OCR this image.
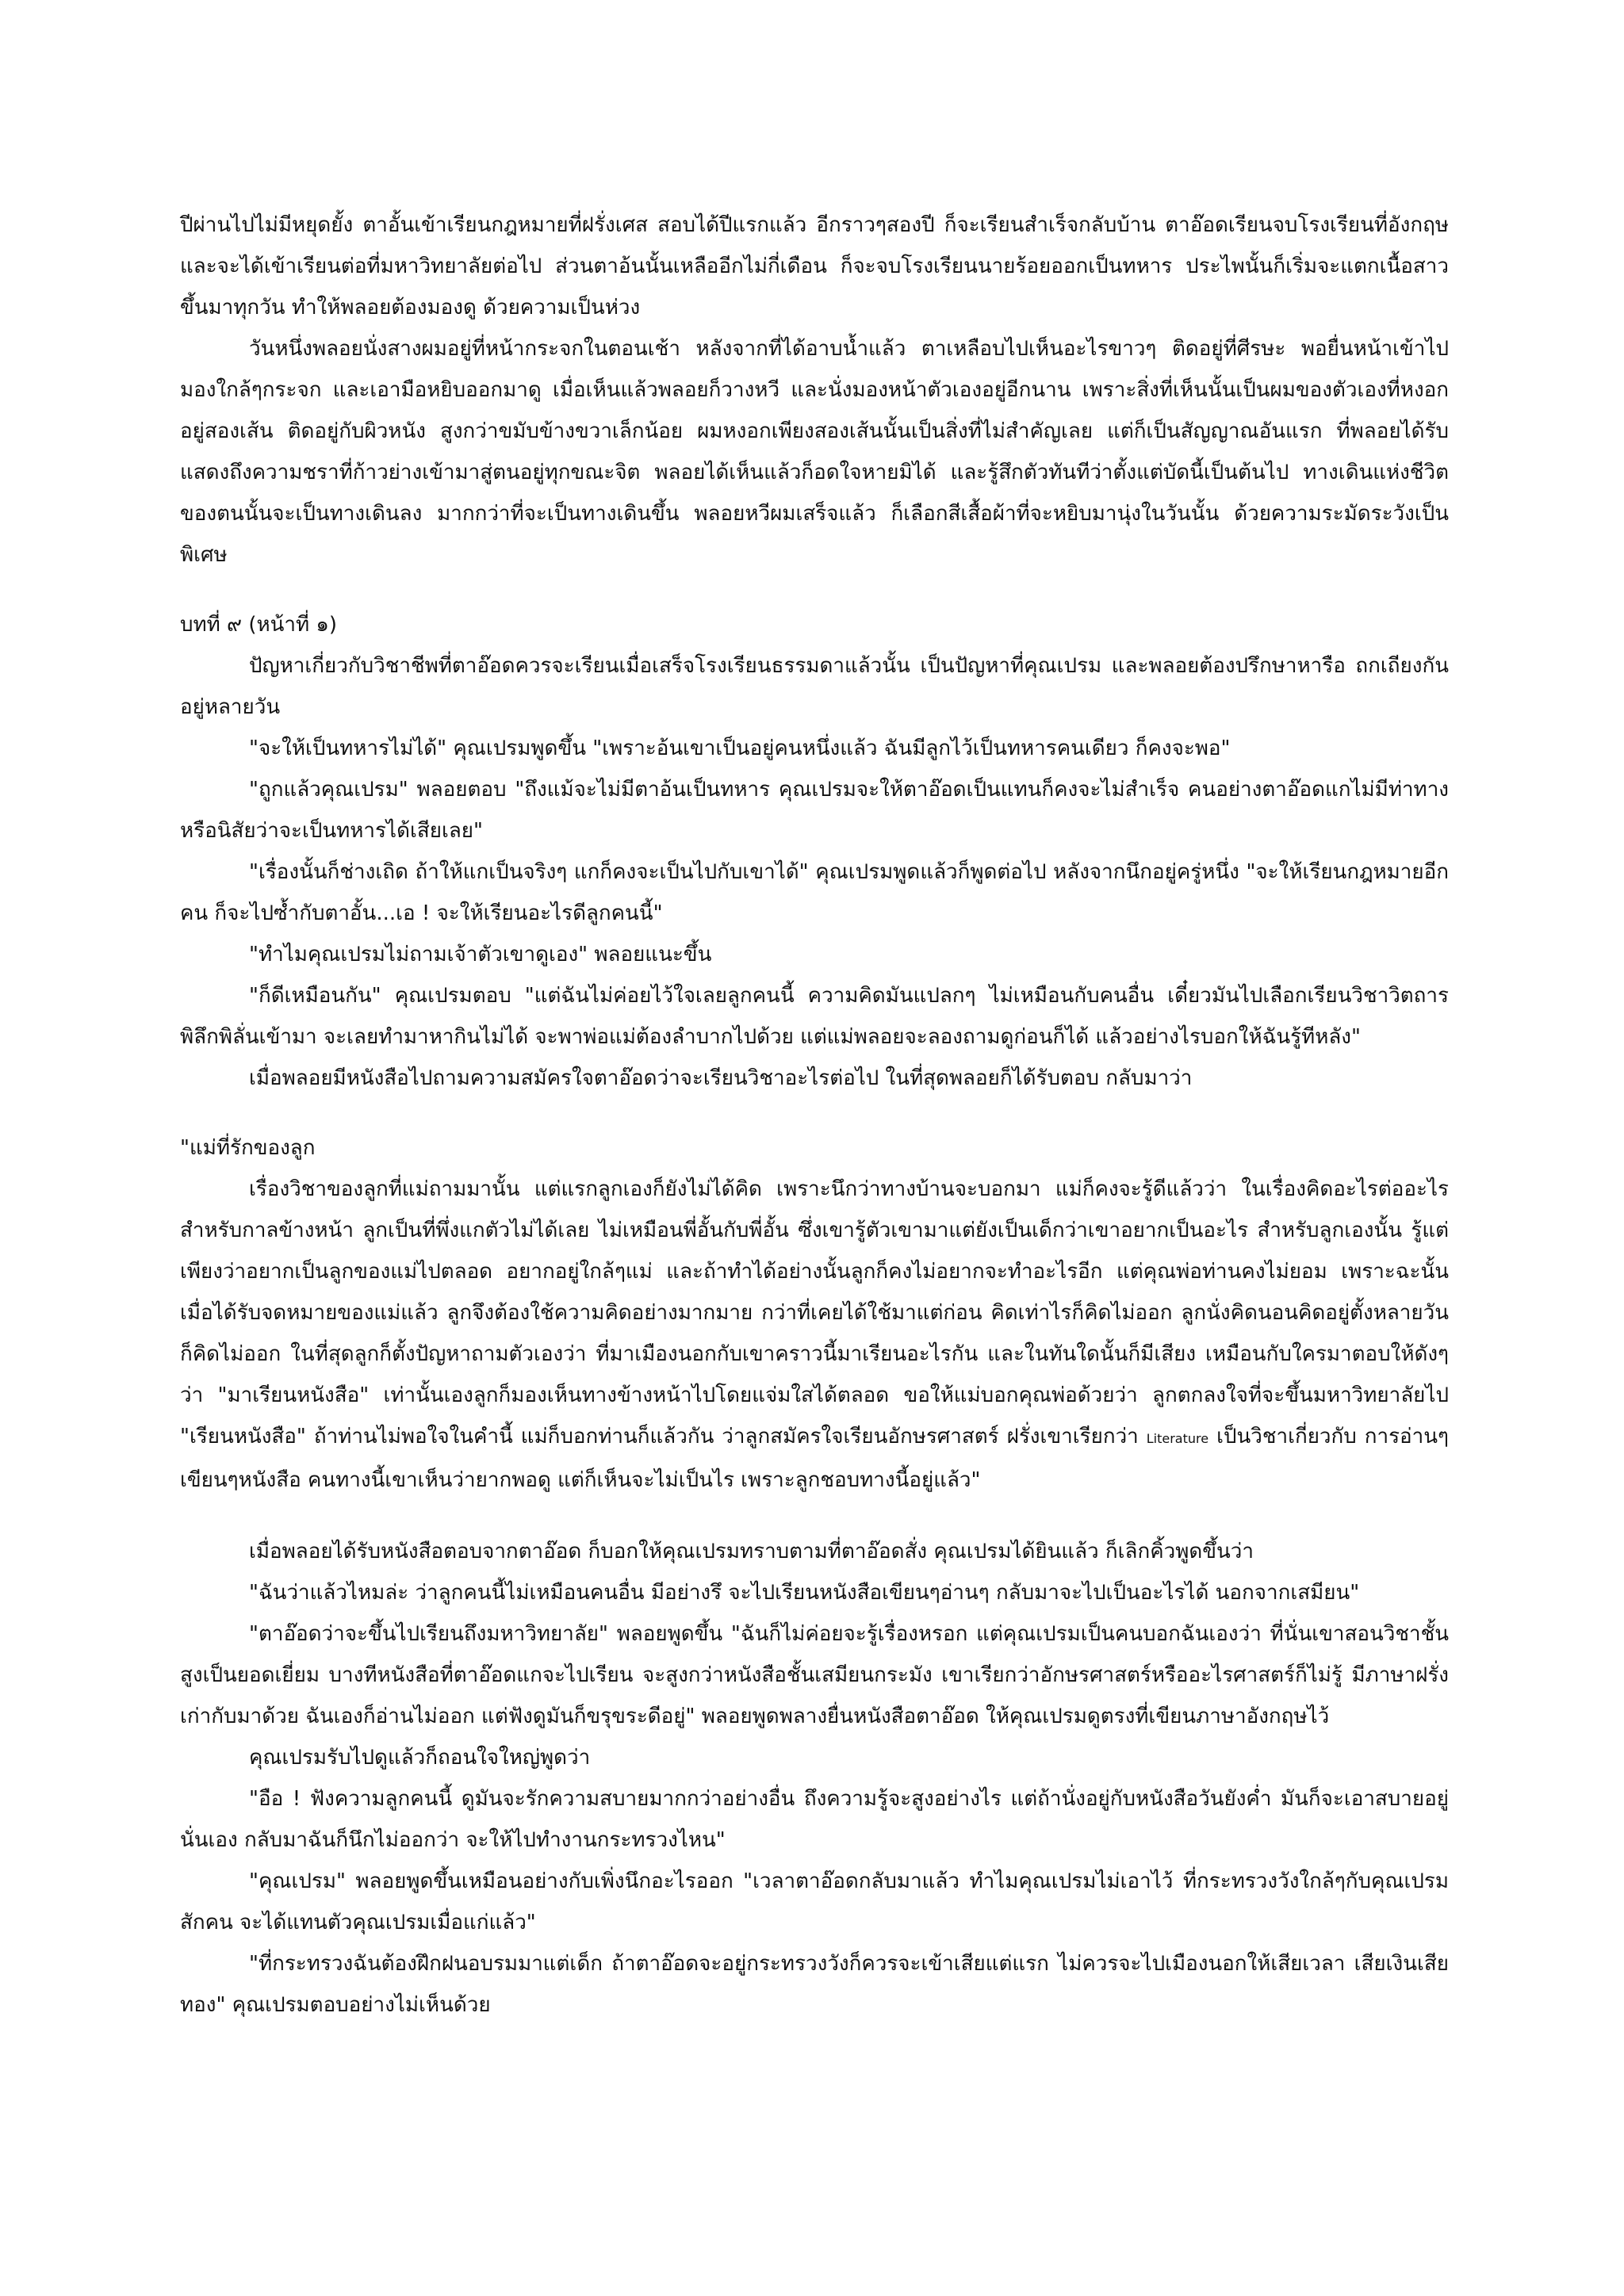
ปีผ่านไปไม่มีหยุดยั้ง ตาอั้นเข้าเรียนกฎหมายที่ฝรั่งเศส สอบได้ปีแรกแล้ว อีกราวๆสองปี ก็จะเรียนสำเร็จกลับบ้าน ตาอ๊อดเรียนจบโรงเรียนที่อังกฤษ และจะได้เข้าเรียนต่อที่มหาวิทยาลัยต่อไป ส่วนตาอ้นนั้นเหลืออีกไม่กี่เดือน ก็จะจบโรงเรียนนายร้อยออกเป็นทหาร ประไพนั้นก็เริ่มจะแตกเนื้อสาวขึ้นมาทุกวัน ทำให้พลอยต้องมองดู ด้วยความเป็นห่วง

วันหนึ่งพลอยนั่งสางผมอยู่ที่หน้ากระจกในตอนเช้า หลังจากที่ได้อาบน้ำแล้ว ตาเหลือบไปเห็นอะไรขาวๆ ติดอยู่ที่ศีรษะ พอยื่นหน้าเข้าไปมองใกล้ๆกระจก และเอามือหยิบออกมาดู เมื่อเห็นแล้วพลอยก็วางหวี และนั่งมองหน้าตัวเองอยู่อีกนาน เพราะสิ่งที่เห็นนั้นเป็นผมของตัวเองที่หงอกอยู่สองเส้น ติดอยู่กับผิวหนัง สูงกว่าขมับข้างขวาเล็กน้อย ผมหงอกเพียงสองเส้นนั้นเป็นสิ่งที่ไม่สำคัญเลย แต่ก็เป็นสัญญาณอันแรก ที่พลอยได้รับ แสดงถึงความชราที่ก้าวย่างเข้ามาสู่ตนอยู่ทุกขณะจิต พลอยได้เห็นแล้วก็อดใจหายมิได้ และรู้สึกตัวทันทีว่าตั้งแต่บัดนี้เป็นต้นไป ทางเดินแห่งชีวิตของตนนั้นจะเป็นทางเดินลง มากกว่าที่จะเป็นทางเดินขึ้น พลอยหวีผมเสร็จแล้ว ก็เลือกสีเสื้อผ้าที่จะหยิบมานุ่งในวันนั้น ด้วยความระมัดระวังเป็นพิเศษ

บทที่ ๙ (หน้าที่ ๑)

ปัญหาเกี่ยวกับวิชาชีพที่ตาอ๊อดควรจะเรียนเมื่อเสร็จโรงเรียนธรรมดาแล้วนั้น เป็นปัญหาที่คุณเปรม และพลอยต้องปรึกษาหารือ ถกเถียงกันอยู่หลายวัน

"จะให้เป็นทหารไม่ได้" คุณเปรมพูดขึ้น "เพราะอ้นเขาเป็นอยู่คนหนึ่งแล้ว ฉันมีลูกไว้เป็นทหารคนเดียว ก็คงจะพอ"

"ถูกแล้วคุณเปรม" พลอยตอบ "ถึงแม้จะไม่มีตาอ้นเป็นทหาร คุณเปรมจะให้ตาอ๊อดเป็นแทนก็คงจะไม่สำเร็จ คนอย่างตาอ๊อดแกไม่มีท่าทาง หรือนิสัยว่าจะเป็นทหารได้เสียเลย"

"เรื่องนั้นก็ช่างเถิด ถ้าให้แกเป็นจริงๆ แกก็คงจะเป็นไปกับเขาได้" คุณเปรมพูดแล้วก็พูดต่อไป หลังจากนึกอยู่ครู่หนึ่ง "จะให้เรียนกฎหมายอีกคน ก็จะไปซ้ำกับตาอั้น...เอ ! จะให้เรียนอะไรดีลูกคนนี้"

"ทำไมคุณเปรมไม่ถามเจ้าตัวเขาดูเอง" พลอยแนะขึ้น

"ก็ดีเหมือนกัน" คุณเปรมตอบ "แต่ฉันไม่ค่อยไว้ใจเลยลูกคนนี้ ความคิดมันแปลกๆ ไม่เหมือนกับคนอื่น เดี๋ยวมันไปเลือกเรียนวิชาวิตถาร พิลึกพิลั่นเข้ามา จะเลยทำมาหากินไม่ได้ จะพาพ่อแม่ต้องลำบากไปด้วย แต่แม่พลอยจะลองถามดูก่อนก็ได้ แล้วอย่างไรบอกให้ฉันรู้ทีหลัง"

เมื่อพลอยมีหนังสือไปถามความสมัครใจตาอ๊อดว่าจะเรียนวิชาอะไรต่อไป ในที่สุดพลอยก็ได้รับตอบ กลับมาว่า

"แม่ที่รักของลูก

เรื่องวิชาของลูกที่แม่ถามมานั้น แต่แรกลูกเองก็ยังไม่ได้คิด เพราะนึกว่าทางบ้านจะบอกมา แม่ก็คงจะรู้ดีแล้วว่า ในเรื่องคิดอะไรต่ออะไร สำหรับกาลข้างหน้า ลูกเป็นที่พึ่งแกตัวไม่ได้เลย ไม่เหมือนพี่อั้นกับพี่อั้น ซึ่งเขารู้ตัวเขามาแต่ยังเป็นเด็กว่าเขาอยากเป็นอะไร สำหรับลูกเองนั้น รู้แต่เพียงว่าอยากเป็นลูกของแม่ไปตลอด อยากอยู่ใกล้ๆแม่ และถ้าทำได้อย่างนั้นลูกก็คงไม่อยากจะทำอะไรอีก แต่คุณพ่อท่านคงไม่ยอม เพราะฉะนั้นเมื่อได้รับจดหมายของแม่แล้ว ลูกจึงต้องใช้ความคิดอย่างมากมาย กว่าที่เคยได้ใช้มาแต่ก่อน คิดเท่าไรก็คิดไม่ออก ลูกนั่งคิดนอนคิดอยู่ตั้งหลายวันก็คิดไม่ออก ในที่สุดลูกก็ตั้งปัญหาถามตัวเองว่า ที่มาเมืองนอกกับเขาคราวนี้มาเรียนอะไรกัน และในทันใดนั้นก็มีเสียง เหมือนกับใครมาตอบให้ดังๆว่า "มาเรียนหนังสือ" เท่านั้นเองลูกก็มองเห็นทางข้างหน้าไปโดยแจ่มใสได้ตลอด ขอให้แม่บอกคุณพ่อด้วยว่า ลูกตกลงใจที่จะขึ้นมหาวิทยาลัยไป "เรียนหนังสือ" ถ้าท่านไม่พอใจในคำนี้ แม่ก็บอกท่านก็แล้วกัน ว่าลูกสมัครใจเรียนอักษรศาสตร์ ฝรั่งเขาเรียกว่า Literature เป็นวิชาเกี่ยวกับ การอ่านๆเขียนๆหนังสือ คนทางนี้เขาเห็นว่ายากพอดู แต่ก็เห็นจะไม่เป็นไร เพราะลูกชอบทางนี้อยู่แล้ว"

เมื่อพลอยได้รับหนังสือตอบจากตาอ๊อด ก็บอกให้คุณเปรมทราบตามที่ตาอ๊อดสั่ง คุณเปรมได้ยินแล้ว ก็เลิกคิ้วพูดขึ้นว่า

"ฉันว่าแล้วไหมล่ะ ว่าลูกคนนี้ไม่เหมือนคนอื่น มีอย่างรึ จะไปเรียนหนังสือเขียนๆอ่านๆ กลับมาจะไปเป็นอะไรได้ นอกจากเสมียน"

"ตาอ๊อดว่าจะขึ้นไปเรียนถึงมหาวิทยาลัย" พลอยพูดขึ้น "ฉันก็ไม่ค่อยจะรู้เรื่องหรอก แต่คุณเปรมเป็นคนบอกฉันเองว่า ที่นั่นเขาสอนวิชาชั้นสูงเป็นยอดเยี่ยม บางทีหนังสือที่ตาอ๊อดแกจะไปเรียน จะสูงกว่าหนังสือชั้นเสมียนกระมัง เขาเรียกว่าอักษรศาสตร์หรืออะไรศาสตร์ก็ไม่รู้ มีภาษาฝรั่งเก่ากับมาด้วย ฉันเองก็อ่านไม่ออก แต่ฟังดูมันก็ขรุขระดีอยู่" พลอยพูดพลางยื่นหนังสือตาอ๊อด ให้คุณเปรมดูตรงที่เขียนภาษาอังกฤษไว้

คุณเปรมรับไปดูแล้วก็ถอนใจใหญ่พูดว่า

"อือ ! ฟังความลูกคนนี้ ดูมันจะรักความสบายมากกว่าอย่างอื่น ถึงความรู้จะสูงอย่างไร แต่ถ้านั่งอยู่กับหนังสือวันยังค่ำ มันก็จะเอาสบายอยู่นั่นเอง กลับมาฉันก็นึกไม่ออกว่า จะให้ไปทำงานกระทรวงไหน"

"คุณเปรม" พลอยพูดขึ้นเหมือนอย่างกับเพิ่งนึกอะไรออก "เวลาตาอ๊อดกลับมาแล้ว ทำไมคุณเปรมไม่เอาไว้ ที่กระทรวงวังใกล้ๆกับคุณเปรมสักคน จะได้แทนตัวคุณเปรมเมื่อแก่แล้ว"

"ที่กระทรวงฉันต้องฝึกฝนอบรมมาแต่เด็ก ถ้าตาอ๊อดจะอยู่กระทรวงวังก็ควรจะเข้าเสียแต่แรก ไม่ควรจะไปเมืองนอกให้เสียเวลา เสียเงินเสียทอง" คุณเปรมตอบอย่างไม่เห็นด้วย
